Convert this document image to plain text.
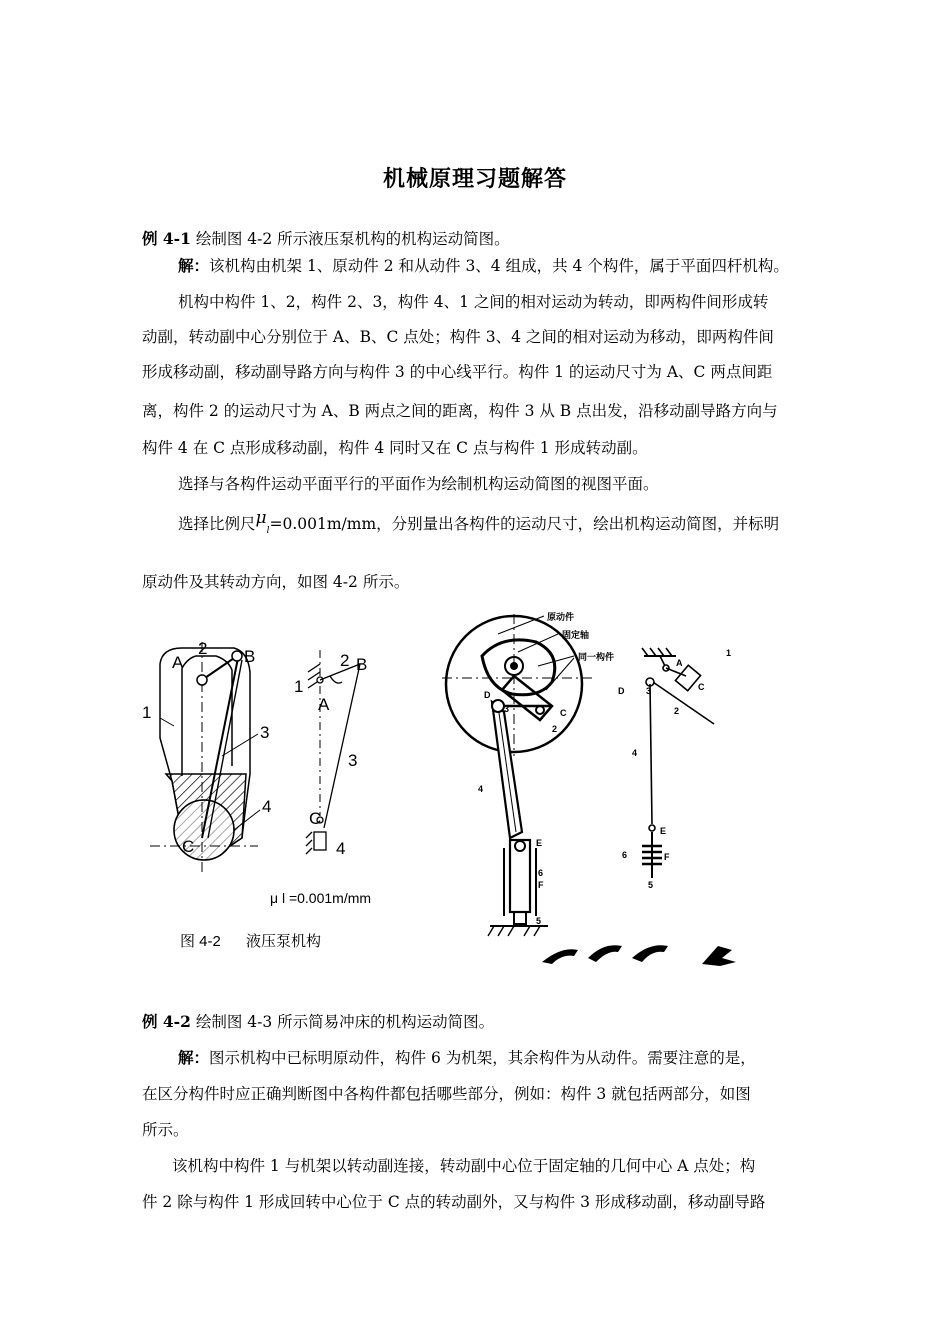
机械原理习题解答
例 4-1 绘制图 4-2 所示液压泵机构的机构运动简图。
解：该机构由机架 1、原动件 2 和从动件 3、4 组成，共 4 个构件，属于平面四杆机构。
机构中构件 1、2，构件 2、3，构件 4、1 之间的相对运动为转动，即两构件间形成转
动副，转动副中心分别位于 A、B、C 点处；构件 3、4 之间的相对运动为移动，即两构件间
形成移动副，移动副导路方向与构件 3 的中心线平行。构件 1 的运动尺寸为 A、C 两点间距
离，构件 2 的运动尺寸为 A、B 两点之间的距离，构件 3 从 B 点出发，沿移动副导路方向与
构件 4 在 C 点形成移动副，构件 4 同时又在 C 点与构件 1 形成转动副。
选择与各构件运动平面平行的平面作为绘制机构运动简图的视图平面。
选择比例尺$\mu_l=0.001m/mm$，分别量出各构件的运动尺寸，绘出机构运动简图，并标明
原动件及其转动方向，如图 4-2 所示。
A
2 B
1
3
4
C
1
2 B
A
3
C
4
μ l =0.001m/mm
图 4-2 液压泵机构
原动件
固定轴
同一构件
D
3	C
2
4
E
6
F
5
1
A
D 3	C
2
4
E
6	F
5
例 4-2 绘制图 4-3 所示简易冲床的机构运动简图。
解：图示机构中已标明原动件，构件 6 为机架，其余构件为从动件。需要注意的是，
在区分构件时应正确判断图中各构件都包括哪些部分，例如：构件 3 就包括两部分，如图
所示。
该机构中构件 1 与机架以转动副连接，转动副中心位于固定轴的几何中心 A 点处；构
件 2 除与构件 1 形成回转中心位于 C 点的转动副外，又与构件 3 形成移动副，移动副导路
